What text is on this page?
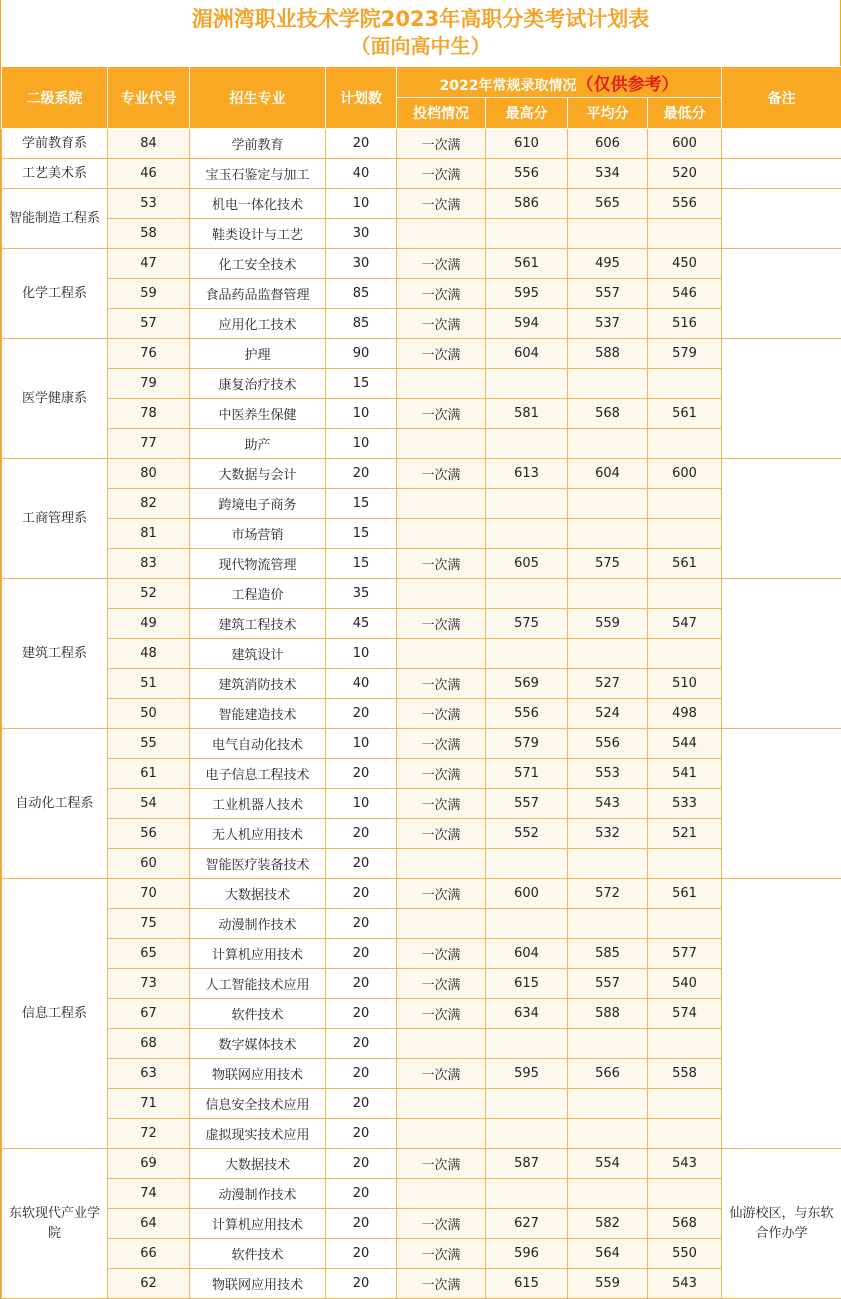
湄洲湾职业技术学院2023年高职分类考试计划表
（面向高中生）
二级系院	专业代号	招生专业	计划数	2022年常规录取情况（仅供参考）				备注
				投档情况	最高分	平均分	最低分	
学前教育系	84	学前教育	20	一次满	610	606	600	
工艺美术系	46	宝玉石鉴定与加工	40	一次满	556	534	520	
智能制造工程系	53	机电一体化技术	10	一次满	586	565	556	
	58	鞋类设计与工艺	30					
化学工程系	47	化工安全技术	30	一次满	561	495	450	
	59	食品药品监督管理	85	一次满	595	557	546	
	57	应用化工技术	85	一次满	594	537	516	
医学健康系	76	护理	90	一次满	604	588	579	
	79	康复治疗技术	15					
	78	中医养生保健	10	一次满	581	568	561	
	77	助产	10					
工商管理系	80	大数据与会计	20	一次满	613	604	600	
	82	跨境电子商务	15					
	81	市场营销	15					
	83	现代物流管理	15	一次满	605	575	561	
建筑工程系	52	工程造价	35					
	49	建筑工程技术	45	一次满	575	559	547	
	48	建筑设计	10					
	51	建筑消防技术	40	一次满	569	527	510	
	50	智能建造技术	20	一次满	556	524	498	
自动化工程系	55	电气自动化技术	10	一次满	579	556	544	
	61	电子信息工程技术	20	一次满	571	553	541	
	54	工业机器人技术	10	一次满	557	543	533	
	56	无人机应用技术	20	一次满	552	532	521	
	60	智能医疗装备技术	20					
信息工程系	70	大数据技术	20	一次满	600	572	561	
	75	动漫制作技术	20					
	65	计算机应用技术	20	一次满	604	585	577	
	73	人工智能技术应用	20	一次满	615	557	540	
	67	软件技术	20	一次满	634	588	574	
	68	数字媒体技术	20					
	63	物联网应用技术	20	一次满	595	566	558	
	71	信息安全技术应用	20					
	72	虚拟现实技术应用	20					
东软现代产业学院	69	大数据技术	20	一次满	587	554	543	仙游校区，与东软合作办学
	74	动漫制作技术	20					
	64	计算机应用技术	20	一次满	627	582	568	
	66	软件技术	20	一次满	596	564	550	
	62	物联网应用技术	20	一次满	615	559	543	
